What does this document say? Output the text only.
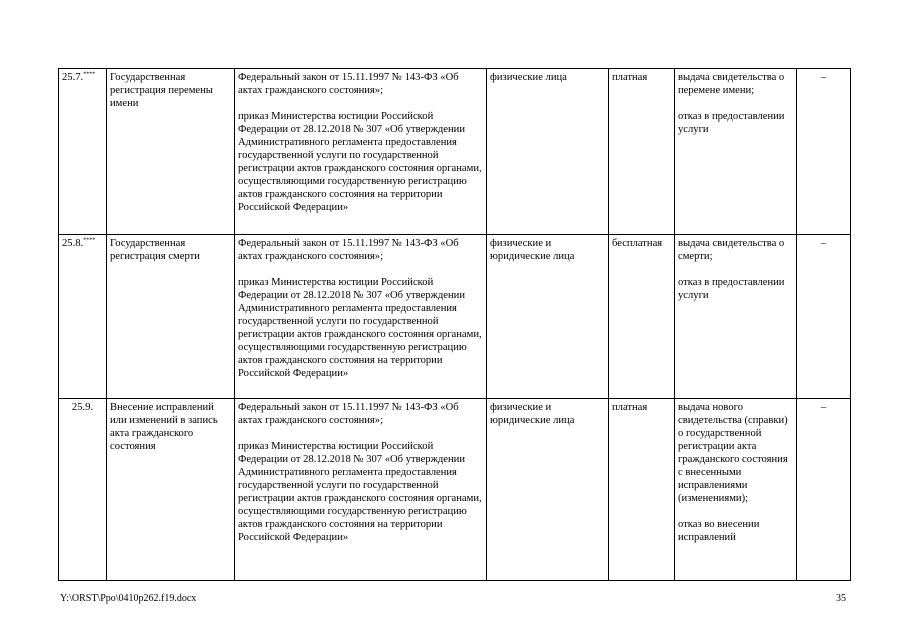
25.7.****	Государственная регистрация перемены имени	Федеральный закон от 15.11.1997 № 143-ФЗ «Об актах гражданского состояния»;
приказ Министерства юстиции Российской Федерации от 28.12.2018 № 307 «Об утверждении Административного регламента предоставления государственной услуги по государственной регистрации актов гражданского состояния органами, осуществляющими государственную регистрацию актов гражданского состояния на территории Российской Федерации»	физические лица	платная	выдача свидетельства о перемене имени;
отказ в предоставлении услуги	–
25.8.****	Государственная регистрация смерти	Федеральный закон от 15.11.1997 № 143-ФЗ «Об актах гражданского состояния»;
приказ Министерства юстиции Российской Федерации от 28.12.2018 № 307 «Об утверждении Административного регламента предоставления государственной услуги по государственной регистрации актов гражданского состояния органами, осуществляющими государственную регистрацию актов гражданского состояния на территории Российской Федерации»	физические и юридические лица	бесплатная	выдача свидетельства о смерти;
отказ в предоставлении услуги	–
25.9.	Внесение исправлений или изменений в запись акта гражданского состояния	Федеральный закон от 15.11.1997 № 143-ФЗ «Об актах гражданского состояния»;
приказ Министерства юстиции Российской Федерации от 28.12.2018 № 307 «Об утверждении Административного регламента предоставления государственной услуги по государственной регистрации актов гражданского состояния органами, осуществляющими государственную регистрацию актов гражданского состояния на территории Российской Федерации»	физические и юридические лица	платная	выдача нового свидетельства (справки) о государственной регистрации акта гражданского состояния с внесенными исправлениями (изменениями);
отказ во внесении исправлений	–
Y:\ORST\Ppo\0410p262.f19.docx	35
